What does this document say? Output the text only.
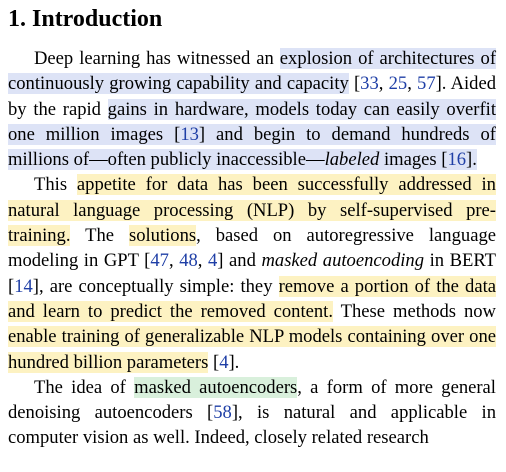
1. Introduction

Deep learning has witnessed an explosion of architectures of continuously growing capability and capacity [33, 25, 57]. Aided by the rapid gains in hardware, models today can easily overfit one million images [13] and begin to demand hundreds of millions of—often publicly inaccessible—labeled images [16].

This appetite for data has been successfully addressed in natural language processing (NLP) by self-supervised pre-training. The solutions, based on autoregressive language modeling in GPT [47, 48, 4] and masked autoencoding in BERT [14], are conceptually simple: they remove a portion of the data and learn to predict the removed content. These methods now enable training of generalizable NLP models containing over one hundred billion parameters [4].

The idea of masked autoencoders, a form of more general denoising autoencoders [58], is natural and applicable in computer vision as well. Indeed, closely related research
